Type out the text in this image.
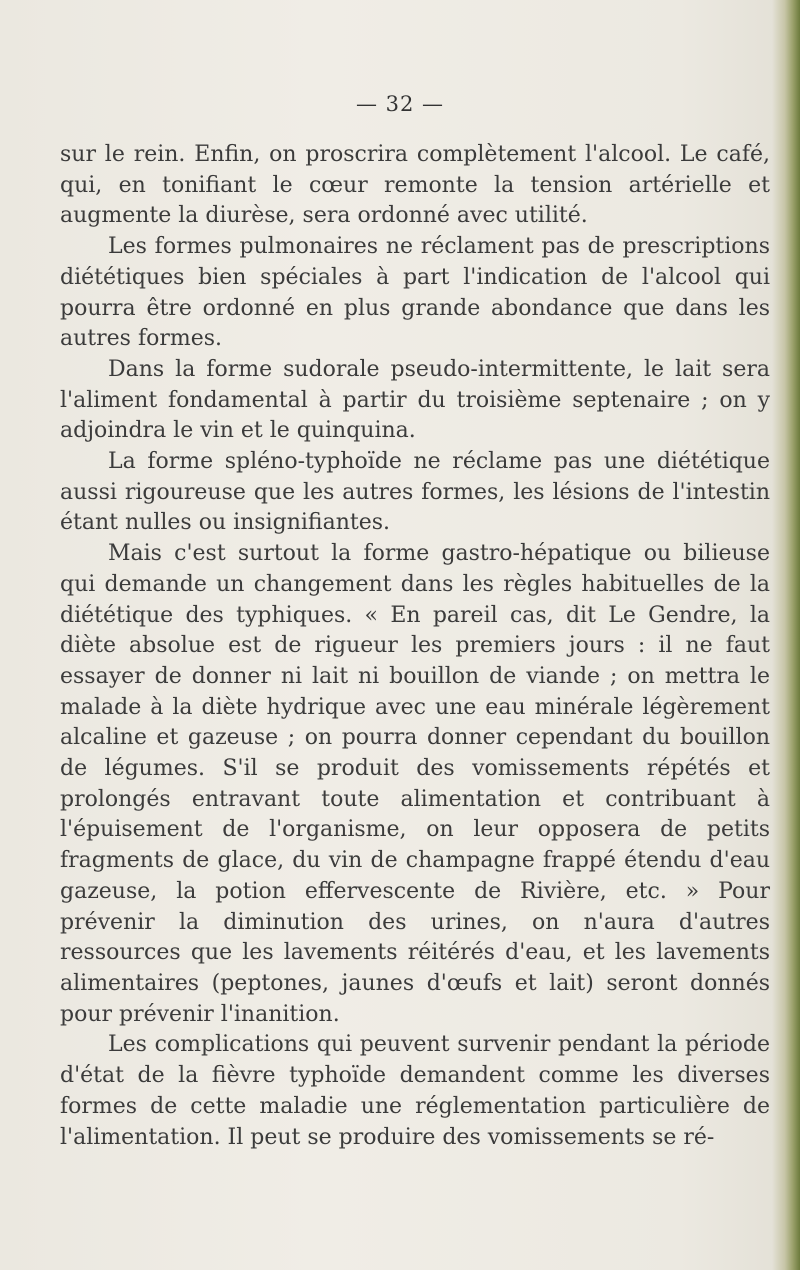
— 32 —

sur le rein. Enfin, on proscrira complètement l'alcool. Le café, qui, en tonifiant le cœur remonte la tension artérielle et augmente la diurèse, sera ordonné avec utilité.

Les formes pulmonaires ne réclament pas de prescriptions diététiques bien spéciales à part l'indication de l'alcool qui pourra être ordonné en plus grande abondance que dans les autres formes.

Dans la forme sudorale pseudo-intermittente, le lait sera l'aliment fondamental à partir du troisième septenaire ; on y adjoindra le vin et le quinquina.

La forme spléno-typhoïde ne réclame pas une diététique aussi rigoureuse que les autres formes, les lésions de l'intestin étant nulles ou insignifiantes.

Mais c'est surtout la forme gastro-hépatique ou bilieuse qui demande un changement dans les règles habituelles de la diététique des typhiques. « En pareil cas, dit Le Gendre, la diète absolue est de rigueur les premiers jours : il ne faut essayer de donner ni lait ni bouillon de viande ; on mettra le malade à la diète hydrique avec une eau minérale légèrement alcaline et gazeuse ; on pourra donner cependant du bouillon de légumes. S'il se produit des vomissements répétés et prolongés entravant toute alimentation et contribuant à l'épuisement de l'organisme, on leur opposera de petits fragments de glace, du vin de champagne frappé étendu d'eau gazeuse, la potion effervescente de Rivière, etc. » Pour prévenir la diminution des urines, on n'aura d'autres ressources que les lavements réitérés d'eau, et les lavements alimentaires (peptones, jaunes d'œufs et lait) seront donnés pour prévenir l'inanition.

Les complications qui peuvent survenir pendant la période d'état de la fièvre typhoïde demandent comme les diverses formes de cette maladie une réglementation particulière de l'alimentation. Il peut se produire des vomissements se ré-
